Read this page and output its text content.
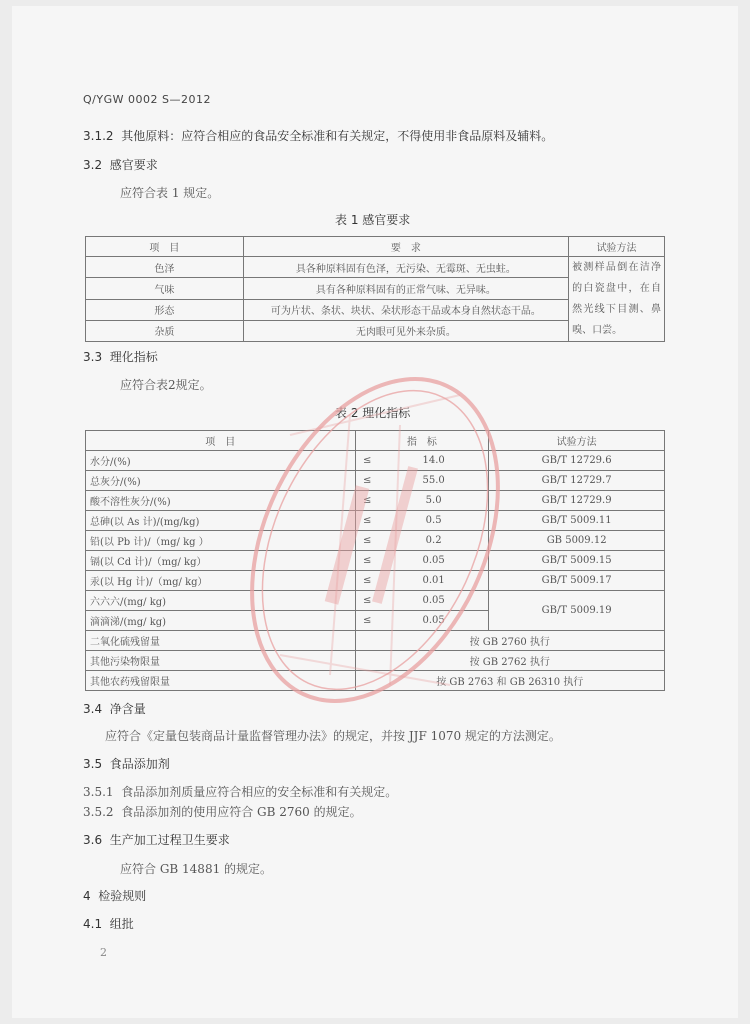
Q/YGW 0002 S—2012
3.1.2 其他原料：应符合相应的食品安全标准和有关规定，不得使用非食品原料及辅料。
3.2 感官要求
应符合表 1 规定。
表 1 感官要求
项　目	要　求	试验方法
色泽	具各种原料固有色泽，无污染、无霉斑、无虫蛀。	被测样品倒在洁净的白瓷盘中，在自然光线下目测、鼻嗅、口尝。
气味	具有各种原料固有的正常气味、无异味。	
形态	可为片状、条状、块状、朵状形态干品或本身自然状态干品。	
杂质	无肉眼可见外来杂质。	
3.3 理化指标
应符合表2规定。
表 2 理化指标
项　目	指　标		试验方法
水分/(%)	≤	14.0	GB/T 12729.6
总灰分/(%)	≤	55.0	GB/T 12729.7
酸不溶性灰分/(%)	≤	5.0	GB/T 12729.9
总砷(以 As 计)/(mg/kg)	≤	0.5	GB/T 5009.11
铅(以 Pb 计)/（mg/ kg ）	≤	0.2	GB 5009.12
镉(以 Cd 计)/（mg/ kg）	≤	0.05	GB/T 5009.15
汞(以 Hg 计)/（mg/ kg）	≤	0.01	GB/T 5009.17
六六六/(mg/ kg)	≤	0.05	GB/T 5009.19
滴滴涕/(mg/ kg)	≤	0.05	
二氧化硫残留量	按 GB 2760 执行		
其他污染物限量	按 GB 2762 执行		
其他农药残留限量	按 GB 2763 和 GB 26310 执行		
3.4 净含量
应符合《定量包装商品计量监督管理办法》的规定，并按 JJF 1070 规定的方法测定。
3.5 食品添加剂
3.5.1 食品添加剂质量应符合相应的安全标准和有关规定。
3.5.2 食品添加剂的使用应符合 GB 2760 的规定。
3.6 生产加工过程卫生要求
应符合 GB 14881 的规定。
4 检验规则
4.1 组批
2
